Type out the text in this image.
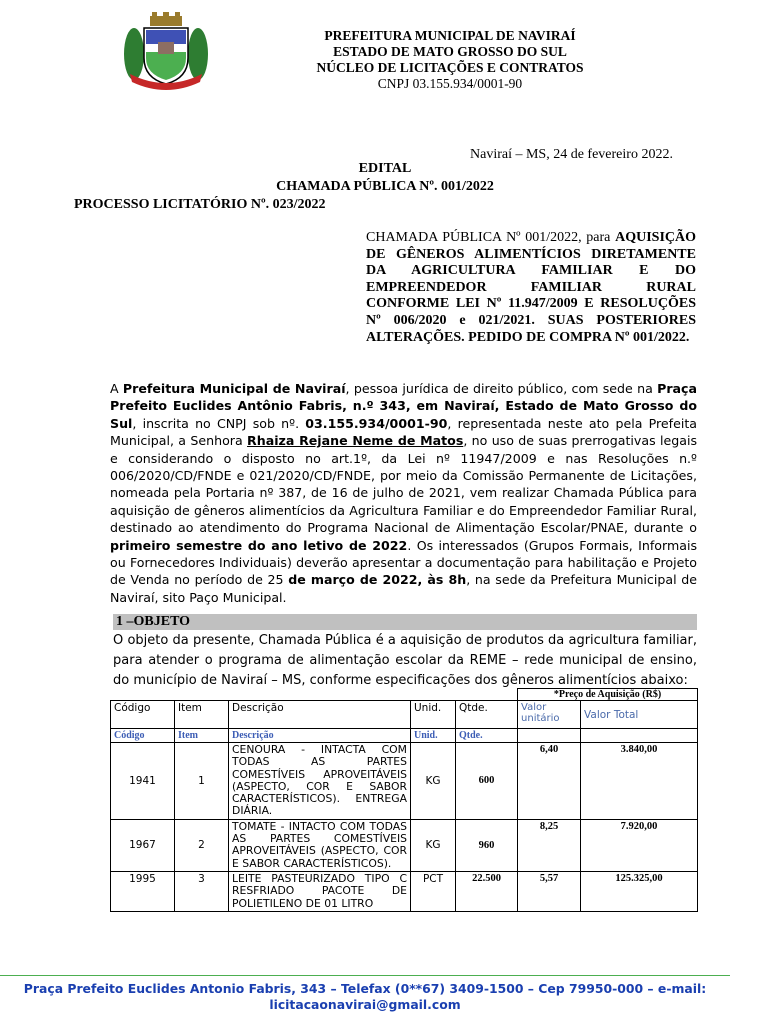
PREFEITURA MUNICIPAL DE NAVIRAÍ
ESTADO DE MATO GROSSO DO SUL
NÚCLEO DE LICITAÇÕES E CONTRATOS
CNPJ 03.155.934/0001-90
Naviraí – MS, 24 de fevereiro 2022.
EDITAL
CHAMADA PÚBLICA Nº. 001/2022
PROCESSO LICITATÓRIO Nº. 023/2022
CHAMADA PÚBLICA Nº 001/2022, para AQUISIÇÃO DE GÊNEROS ALIMENTÍCIOS DIRETAMENTE DA AGRICULTURA FAMILIAR E DO EMPREENDEDOR FAMILIAR RURAL CONFORME LEI Nº 11.947/2009 E RESOLUÇÕES Nº 006/2020 e 021/2021. SUAS POSTERIORES ALTERAÇÕES. PEDIDO DE COMPRA Nº 001/2022.
A Prefeitura Municipal de Naviraí, pessoa jurídica de direito público, com sede na Praça Prefeito Euclides Antônio Fabris, n.º 343, em Naviraí, Estado de Mato Grosso do Sul, inscrita no CNPJ sob nº. 03.155.934/0001-90, representada neste ato pela Prefeita Municipal, a Senhora Rhaiza Rejane Neme de Matos, no uso de suas prerrogativas legais e considerando o disposto no art.1º, da Lei nº 11947/2009 e nas Resoluções n.º 006/2020/CD/FNDE e 021/2020/CD/FNDE, por meio da Comissão Permanente de Licitações, nomeada pela Portaria nº 387, de 16 de julho de 2021, vem realizar Chamada Pública para aquisição de gêneros alimentícios da Agricultura Familiar e do Empreendedor Familiar Rural, destinado ao atendimento do Programa Nacional de Alimentação Escolar/PNAE, durante o primeiro semestre do ano letivo de 2022. Os interessados (Grupos Formais, Informais ou Fornecedores Individuais) deverão apresentar a documentação para habilitação e Projeto de Venda no período de 25 de março de 2022, às 8h, na sede da Prefeitura Municipal de Naviraí, sito Paço Municipal.
1 –OBJETO
O objeto da presente, Chamada Pública é a aquisição de produtos da agricultura familiar, para atender o programa de alimentação escolar da REME – rede municipal de ensino, do município de Naviraí – MS, conforme especificações dos gêneros alimentícios abaixo:
					*Preço de Aquisição (R$)	
Código	Item	Descrição	Unid.	Qtde.	Valor unitário	Valor Total
Código	Item	Descrição	Unid.	Qtde.		
1941	1	CENOURA - INTACTA COM TODAS AS PARTES COMESTÍVEIS APROVEITÁVEIS (ASPECTO, COR E SABOR CARACTERÍSTICOS). ENTREGA DIÁRIA.	KG	600	6,40	3.840,00
1967	2	TOMATE - INTACTO COM TODAS AS PARTES COMESTÍVEIS APROVEITÁVEIS (ASPECTO, COR E SABOR CARACTERÍSTICOS).	KG	960	8,25	7.920,00
1995	3	LEITE PASTEURIZADO TIPO C RESFRIADO PACOTE DE POLIETILENO DE 01 LITRO	PCT	22.500	5,57	125.325,00
Praça Prefeito Euclides Antonio Fabris, 343 – Telefax (0**67) 3409-1500 – Cep 79950-000 – e-mail:
licitacaonavirai@gmail.com
